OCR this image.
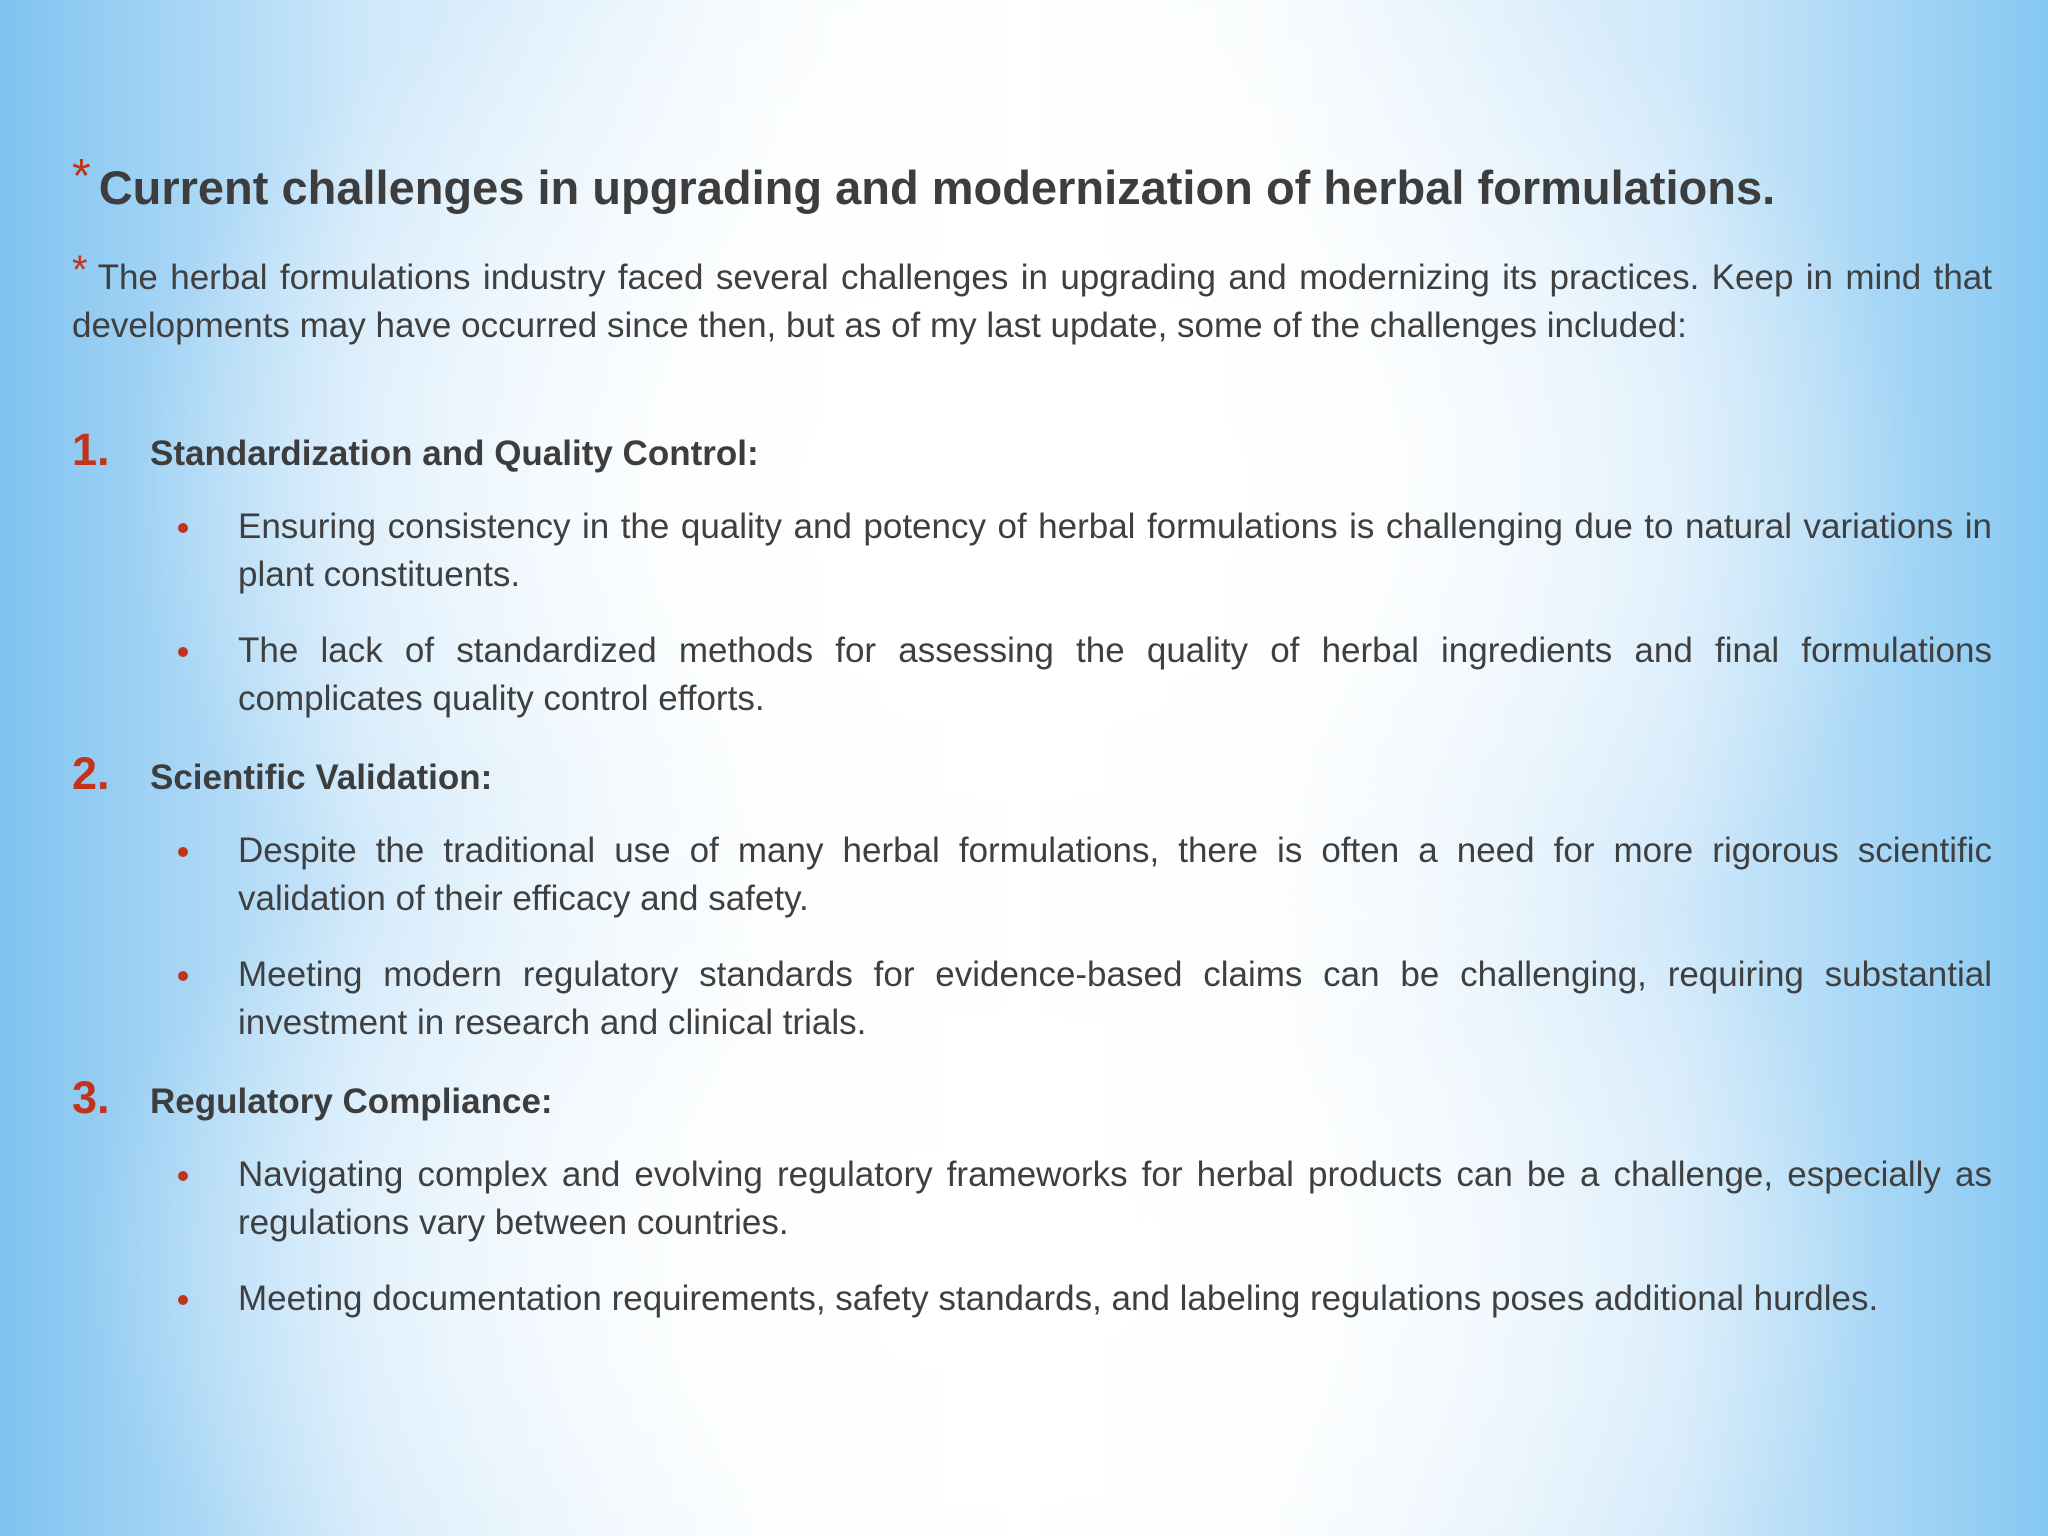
* Current challenges in upgrading and modernization of herbal formulations.
* The herbal formulations industry faced several challenges in upgrading and modernizing its practices. Keep in mind that developments may have occurred since then, but as of my last update, some of the challenges included:
1. Standardization and Quality Control:
Ensuring consistency in the quality and potency of herbal formulations is challenging due to natural variations in plant constituents.
The lack of standardized methods for assessing the quality of herbal ingredients and final formulations complicates quality control efforts.
2. Scientific Validation:
Despite the traditional use of many herbal formulations, there is often a need for more rigorous scientific validation of their efficacy and safety.
Meeting modern regulatory standards for evidence-based claims can be challenging, requiring substantial investment in research and clinical trials.
3. Regulatory Compliance:
Navigating complex and evolving regulatory frameworks for herbal products can be a challenge, especially as regulations vary between countries.
Meeting documentation requirements, safety standards, and labeling regulations poses additional hurdles.
